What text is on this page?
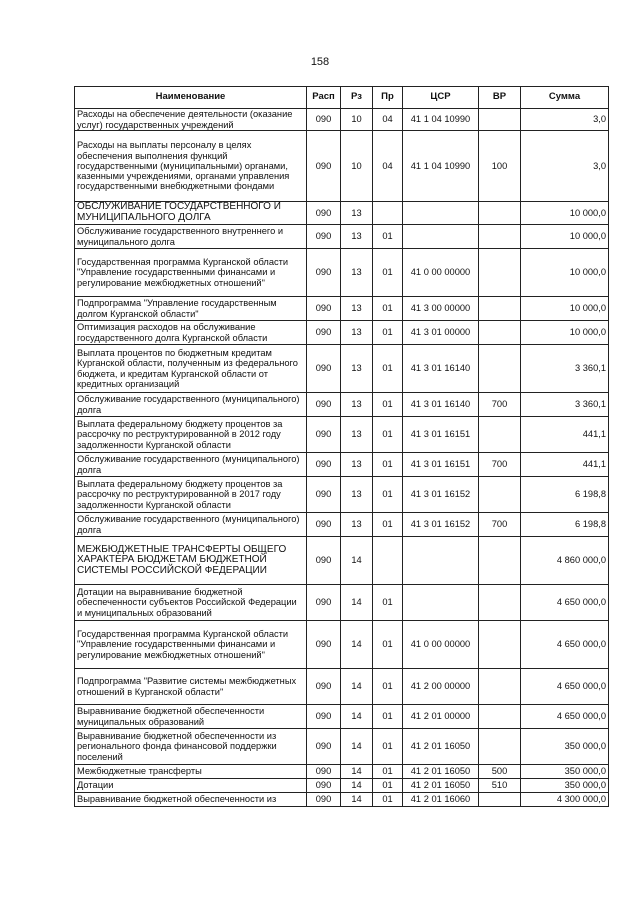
158
Наименование	Расп	Рз	Пр	ЦСР	ВР	Сумма
Расходы на обеспечение деятельности (оказание услуг) государственных учреждений	090	10	04	41 1 04 10990		3,0
Расходы на выплаты персоналу в целях обеспечения выполнения функций государственными (муниципальными) органами, казенными учреждениями, органами управления государственными внебюджетными фондами	090	10	04	41 1 04 10990	100	3,0
ОБСЛУЖИВАНИЕ ГОСУДАРСТВЕННОГО И МУНИЦИПАЛЬНОГО ДОЛГА	090	13				10 000,0
Обслуживание государственного внутреннего и муниципального долга	090	13	01			10 000,0
Государственная программа Курганской области "Управление государственными финансами и регулирование межбюджетных отношений"	090	13	01	41 0 00 00000		10 000,0
Подпрограмма "Управление государственным долгом Курганской области"	090	13	01	41 3 00 00000		10 000,0
Оптимизация расходов на обслуживание государственного долга Курганской области	090	13	01	41 3 01 00000		10 000,0
Выплата процентов по бюджетным кредитам Курганской области, полученным из федерального бюджета, и кредитам Курганской области от кредитных организаций	090	13	01	41 3 01 16140		3 360,1
Обслуживание государственного (муниципального) долга	090	13	01	41 3 01 16140	700	3 360,1
Выплата федеральному бюджету процентов за рассрочку по реструктурированной в 2012 году задолженности Курганской области	090	13	01	41 3 01 16151		441,1
Обслуживание государственного (муниципального) долга	090	13	01	41 3 01 16151	700	441,1
Выплата федеральному бюджету процентов за рассрочку по реструктурированной в 2017 году задолженности Курганской области	090	13	01	41 3 01 16152		6 198,8
Обслуживание государственного (муниципального) долга	090	13	01	41 3 01 16152	700	6 198,8
МЕЖБЮДЖЕТНЫЕ ТРАНСФЕРТЫ ОБЩЕГО ХАРАКТЕРА БЮДЖЕТАМ БЮДЖЕТНОЙ СИСТЕМЫ РОССИЙСКОЙ ФЕДЕРАЦИИ	090	14				4 860 000,0
Дотации на выравнивание бюджетной обеспеченности субъектов Российской Федерации и муниципальных образований	090	14	01			4 650 000,0
Государственная программа Курганской области "Управление государственными финансами и регулирование межбюджетных отношений"	090	14	01	41 0 00 00000		4 650 000,0
Подпрограмма "Развитие системы межбюджетных отношений в Курганской области"	090	14	01	41 2 00 00000		4 650 000,0
Выравнивание бюджетной обеспеченности муниципальных образований	090	14	01	41 2 01 00000		4 650 000,0
Выравнивание бюджетной обеспеченности из регионального фонда финансовой поддержки поселений	090	14	01	41 2 01 16050		350 000,0
Межбюджетные трансферты	090	14	01	41 2 01 16050	500	350 000,0
Дотации	090	14	01	41 2 01 16050	510	350 000,0
Выравнивание бюджетной обеспеченности из	090	14	01	41 2 01 16060		4 300 000,0
